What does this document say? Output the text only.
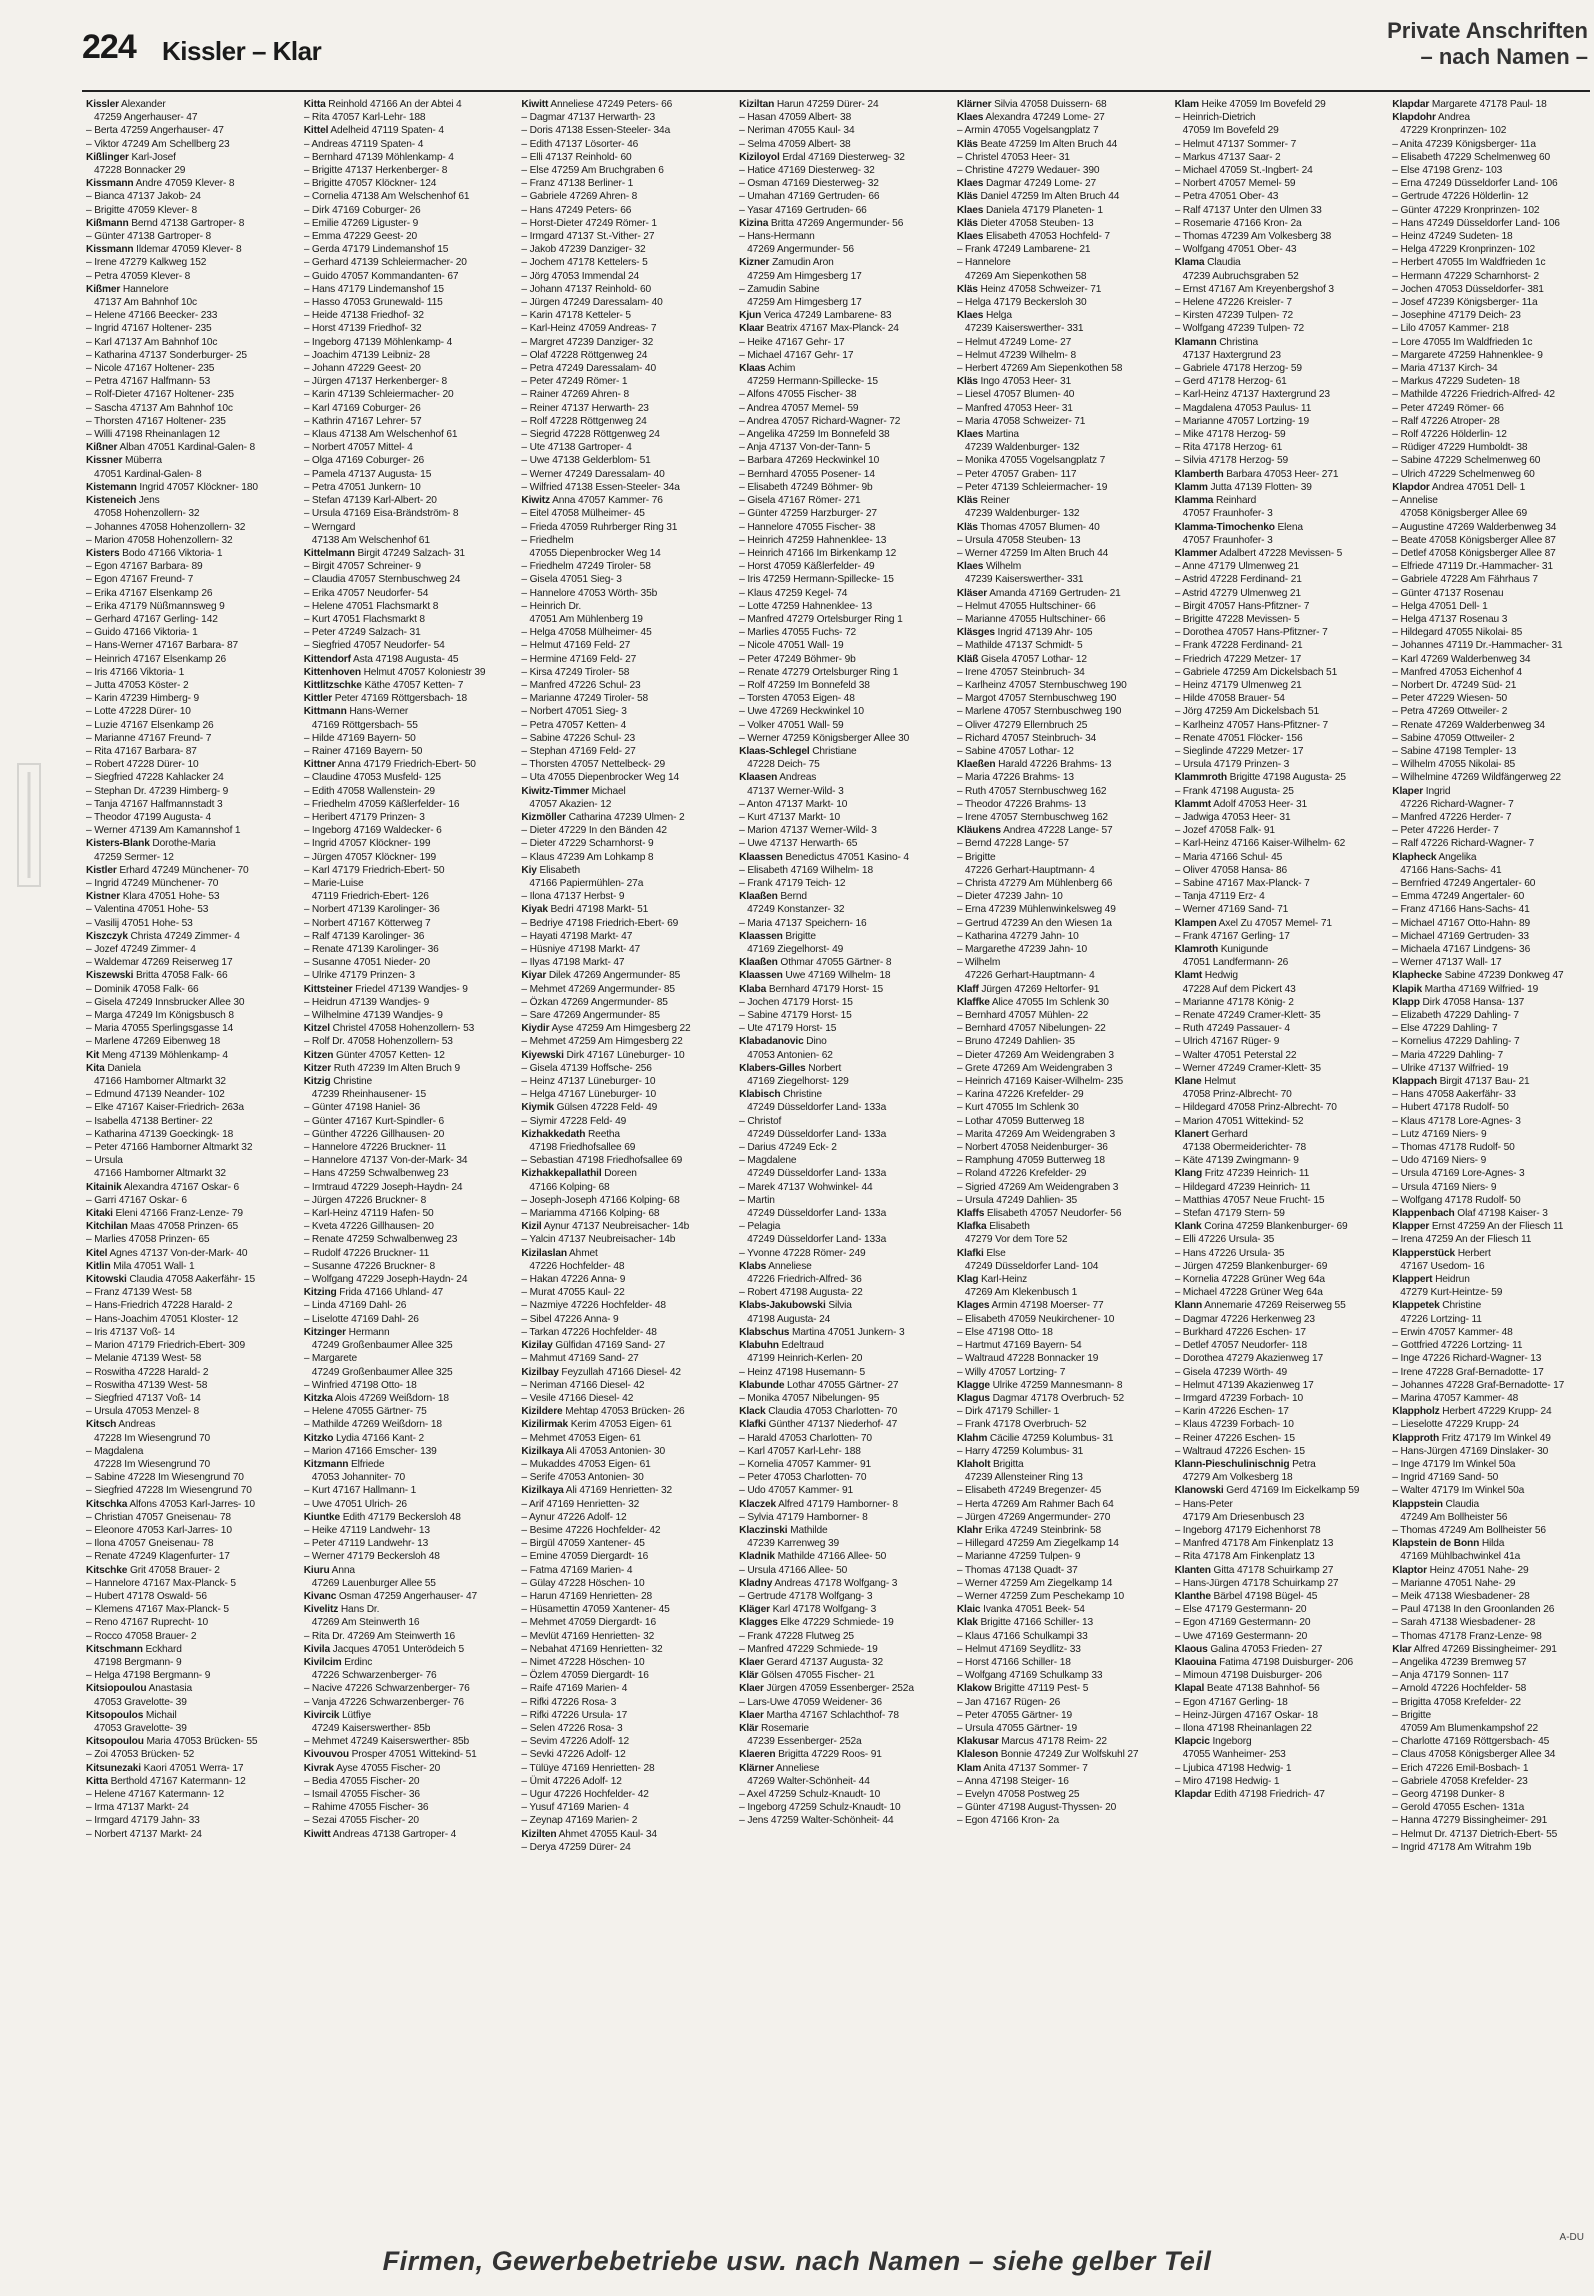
224 Kissler – Klar
Private Anschriften
– nach Namen –
Kissler Alexander
47259 Angerhauser- 47
– Berta 47259 Angerhauser- 47
– Viktor 47249 Am Schellberg 23
Kißlinger Karl-Josef
47228 Bonnacker 29
Kissmann Andre 47059 Klever- 8
– Bianca 47137 Jakob- 24
– Brigitte 47059 Klever- 8
Kißmann Bernd 47138 Gartroper- 8
– Günter 47138 Gartroper- 8
Kissmann Ildemar 47059 Klever- 8
– Irene 47279 Kalkweg 152
– Petra 47059 Klever- 8
Kißmer Hannelore
47137 Am Bahnhof 10c
– Helene 47166 Beecker- 233
– Ingrid 47167 Holtener- 235
– Karl 47137 Am Bahnhof 10c
– Katharina 47137 Sonderburger- 25
– Nicole 47167 Holtener- 235
– Petra 47167 Halfmann- 53
– Rolf-Dieter 47167 Holtener- 235
– Sascha 47137 Am Bahnhof 10c
– Thorsten 47167 Holtener- 235
– Willi 47198 Rheinanlagen 12
Kißner Alban 47051 Kardinal-Galen- 8
Kissner Müberra
47051 Kardinal-Galen- 8
Kistemann Ingrid 47057 Klöckner- 180
Kisteneich Jens
47058 Hohenzollern- 32
– Johannes 47058 Hohenzollern- 32
– Marion 47058 Hohenzollern- 32
Kisters Bodo 47166 Viktoria- 1
– Egon 47167 Barbara- 89
– Egon 47167 Freund- 7
– Erika 47167 Elsenkamp 26
– Erika 47179 Nüßmannsweg 9
– Gerhard 47167 Gerling- 142
– Guido 47166 Viktoria- 1
– Hans-Werner 47167 Barbara- 87
– Heinrich 47167 Elsenkamp 26
– Iris 47166 Viktoria- 1
– Jutta 47053 Köster- 2
– Karin 47239 Himberg- 9
– Lotte 47228 Dürer- 10
– Luzie 47167 Elsenkamp 26
– Marianne 47167 Freund- 7
– Rita 47167 Barbara- 87
– Robert 47228 Dürer- 10
– Siegfried 47228 Kahlacker 24
– Stephan Dr. 47239 Himberg- 9
– Tanja 47167 Halfmannstadt 3
– Theodor 47199 Augusta- 4
– Werner 47139 Am Kamannshof 1
Kisters-Blank Dorothe-Maria
47259 Sermer- 12
Kistler Erhard 47249 Münchener- 70
– Ingrid 47249 Münchener- 70
Kistner Klara 47051 Hohe- 53
– Valentina 47051 Hohe- 53
– Vasilij 47051 Hohe- 53
Kiszczyk Christa 47249 Zimmer- 4
– Jozef 47249 Zimmer- 4
– Waldemar 47269 Reiserweg 17
Kiszewski Britta 47058 Falk- 66
– Dominik 47058 Falk- 66
– Gisela 47249 Innsbrucker Allee 30
– Marga 47249 Im Königsbusch 8
– Maria 47055 Sperlingsgasse 14
– Marlene 47269 Eibenweg 18
Kit Meng 47139 Möhlenkamp- 4
Kita Daniela
47166 Hamborner Altmarkt 32
– Edmund 47139 Neander- 102
– Elke 47167 Kaiser-Friedrich- 263a
– Isabella 47138 Bertiner- 22
– Katharina 47139 Goeckingk- 18
– Peter 47166 Hamborner Altmarkt 32
– Ursula
47166 Hamborner Altmarkt 32
Kitainik Alexandra 47167 Oskar- 6
– Garri 47167 Oskar- 6
Kitaki Eleni 47166 Franz-Lenze- 79
Kitchilan Maas 47058 Prinzen- 65
– Marlies 47058 Prinzen- 65
Kitel Agnes 47137 Von-der-Mark- 40
Kitlin Mila 47051 Wall- 1
Kitowski Claudia 47058 Aakerfähr- 15
– Franz 47139 West- 58
– Hans-Friedrich 47228 Harald- 2
– Hans-Joachim 47051 Kloster- 12
– Iris 47137 Voß- 14
– Marion 47179 Friedrich-Ebert- 309
– Melanie 47139 West- 58
– Roswitha 47228 Harald- 2
– Roswitha 47139 West- 58
– Siegfried 47137 Voß- 14
– Ursula 47053 Menzel- 8
Kitsch Andreas
47228 Im Wiesengrund 70
– Magdalena
47228 Im Wiesengrund 70
– Sabine 47228 Im Wiesengrund 70
– Siegfried 47228 Im Wiesengrund 70
Kitschka Alfons 47053 Karl-Jarres- 10
– Christian 47057 Gneisenau- 78
– Eleonore 47053 Karl-Jarres- 10
– Ilona 47057 Gneisenau- 78
– Renate 47249 Klagenfurter- 17
Kitschke Grit 47058 Brauer- 2
– Hannelore 47167 Max-Planck- 5
– Hubert 47178 Oswald- 56
– Klemens 47167 Max-Planck- 5
– Reno 47167 Ruprecht- 10
– Rocco 47058 Brauer- 2
Kitschmann Eckhard
47198 Bergmann- 9
– Helga 47198 Bergmann- 9
Kitsiopoulou Anastasia
47053 Gravelotte- 39
Kitsopoulos Michail
47053 Gravelotte- 39
Kitsopoulou Maria 47053 Brücken- 55
– Zoi 47053 Brücken- 52
Kitsunezaki Kaori 47051 Werra- 17
Kitta Berthold 47167 Katermann- 12
– Helene 47167 Katermann- 12
– Irma 47137 Markt- 24
– Irmgard 47179 Jahn- 33
– Norbert 47137 Markt- 24
Kitta Reinhold 47166 An der Abtei 4
– Rita 47057 Karl-Lehr- 188
Kittel Adelheid 47119 Spaten- 4
– Andreas 47119 Spaten- 4
– Bernhard 47139 Möhlenkamp- 4
– Brigitte 47137 Herkenberger- 8
– Brigitte 47057 Klöckner- 124
– Cornelia 47138 Am Welschenhof 61
– Dirk 47169 Coburger- 26
– Emilie 47269 Liguster- 9
– Emma 47229 Geest- 20
– Gerda 47179 Lindemanshof 15
– Gerhard 47139 Schleiermacher- 20
– Guido 47057 Kommandanten- 67
– Hans 47179 Lindemanshof 15
– Hasso 47053 Grunewald- 115
– Heide 47138 Friedhof- 32
– Horst 47139 Friedhof- 32
– Ingeborg 47139 Möhlenkamp- 4
– Joachim 47139 Leibniz- 28
– Johann 47229 Geest- 20
– Jürgen 47137 Herkenberger- 8
– Karin 47139 Schleiermacher- 20
– Karl 47169 Coburger- 26
– Kathrin 47167 Lehrer- 57
– Klaus 47138 Am Welschenhof 61
– Norbert 47057 Mittel- 4
– Olga 47169 Coburger- 26
– Pamela 47137 Augusta- 15
– Petra 47051 Junkern- 10
– Stefan 47139 Karl-Albert- 20
– Ursula 47169 Eisa-Brändström- 8
– Werngard
47138 Am Welschenhof 61
Kittelmann Birgit 47249 Salzach- 31
– Birgit 47057 Schreiner- 9
– Claudia 47057 Sternbuschweg 24
– Erika 47057 Neudorfer- 54
– Helene 47051 Flachsmarkt 8
– Kurt 47051 Flachsmarkt 8
– Peter 47249 Salzach- 31
– Siegfried 47057 Neudorfer- 54
Kittendorf Asta 47198 Augusta- 45
Kittenhoven Helmut 47057 Koloniestr 39
Kittlitzschke Käthe 47057 Ketten- 7
Kittler Peter 47169 Röttgersbach- 18
Kittmann Hans-Werner
47169 Röttgersbach- 55
– Hilde 47169 Bayern- 50
– Rainer 47169 Bayern- 50
Kittner Anna 47179 Friedrich-Ebert- 50
– Claudine 47053 Musfeld- 125
– Edith 47058 Wallenstein- 29
– Friedhelm 47059 Käßlerfelder- 16
– Heribert 47179 Prinzen- 3
– Ingeborg 47169 Waldecker- 6
– Ingrid 47057 Klöckner- 199
– Jürgen 47057 Klöckner- 199
– Karl 47179 Friedrich-Ebert- 50
– Marie-Luise
47119 Friedrich-Ebert- 126
– Norbert 47139 Karolinger- 36
– Norbert 47167 Kötterweg 7
– Ralf 47139 Karolinger- 36
– Renate 47139 Karolinger- 36
– Susanne 47051 Nieder- 20
– Ulrike 47179 Prinzen- 3
Kittsteiner Friedel 47139 Wandjes- 9
– Heidrun 47139 Wandjes- 9
– Wilhelmine 47139 Wandjes- 9
Kitzel Christel 47058 Hohenzollern- 53
– Rolf Dr. 47058 Hohenzollern- 53
Kitzen Günter 47057 Ketten- 12
Kitzer Ruth 47239 Im Alten Bruch 9
Kitzig Christine
47239 Rheinhausener- 15
– Günter 47198 Haniel- 36
– Günter 47167 Kurt-Spindler- 6
– Günther 47226 Gillhausen- 20
– Hannelore 47226 Bruckner- 11
– Hannelore 47137 Von-der-Mark- 34
– Hans 47259 Schwalbenweg 23
– Irmtraud 47229 Joseph-Haydn- 24
– Jürgen 47226 Bruckner- 8
– Karl-Heinz 47119 Hafen- 50
– Kveta 47226 Gillhausen- 20
– Renate 47259 Schwalbenweg 23
– Rudolf 47226 Bruckner- 11
– Susanne 47226 Bruckner- 8
– Wolfgang 47229 Joseph-Haydn- 24
Kitzing Frida 47166 Uhland- 47
– Linda 47169 Dahl- 26
– Liselotte 47169 Dahl- 26
Kitzinger Hermann
47249 Großenbaumer Allee 325
– Margarete
47249 Großenbaumer Allee 325
– Winfried 47198 Otto- 18
Kitzka Alois 47269 Weißdorn- 18
– Helene 47055 Gärtner- 75
– Mathilde 47269 Weißdorn- 18
Kitzko Lydia 47166 Kant- 2
– Marion 47166 Emscher- 139
Kitzmann Elfriede
47053 Johanniter- 70
– Kurt 47167 Hallmann- 1
– Uwe 47051 Ulrich- 26
Kiuntke Edith 47179 Beckersloh 48
– Heike 47119 Landwehr- 13
– Peter 47119 Landwehr- 13
– Werner 47179 Beckersloh 48
Kiuru Anna
47269 Lauenburger Allee 55
Kivanc Osman 47259 Angerhauser- 47
Kivelitz Hans Dr.
47269 Am Steinwerth 16
– Rita Dr. 47269 Am Steinwerth 16
Kivila Jacques 47051 Unterödeich 5
Kivilcim Erdinc
47226 Schwarzenberger- 76
– Nacive 47226 Schwarzenberger- 76
– Vanja 47226 Schwarzenberger- 76
Kivircik Lütfiye
47249 Kaiserswerther- 85b
– Mehmet 47249 Kaiserswerther- 85b
Kivouvou Prosper 47051 Wittekind- 51
Kivrak Ayse 47055 Fischer- 20
– Bedia 47055 Fischer- 20
– Ismail 47055 Fischer- 36
– Rahime 47055 Fischer- 36
– Sezai 47055 Fischer- 20
Kiwitt Andreas 47138 Gartroper- 4
Kiwitt Anneliese 47249 Peters- 66
– Dagmar 47137 Herwarth- 23
– Doris 47138 Essen-Steeler- 34a
– Edith 47137 Lösorter- 46
– Elli 47137 Reinhold- 60
– Else 47259 Am Bruchgraben 6
– Franz 47138 Berliner- 1
– Gabriele 47269 Ahren- 8
– Hans 47249 Peters- 66
– Horst-Dieter 47249 Römer- 1
– Irmgard 47137 St.-Vither- 27
– Jakob 47239 Danziger- 32
– Jochem 47178 Kettelers- 5
– Jörg 47053 Immendal 24
– Johann 47137 Reinhold- 60
– Jürgen 47249 Daressalam- 40
– Karin 47178 Ketteler- 5
– Karl-Heinz 47059 Andreas- 7
– Margret 47239 Danziger- 32
– Olaf 47228 Röttgenweg 24
– Petra 47249 Daressalam- 40
– Peter 47249 Römer- 1
– Rainer 47269 Ahren- 8
– Reiner 47137 Herwarth- 23
– Rolf 47228 Röttgenweg 24
– Siegrid 47228 Röttgenweg 24
– Ute 47138 Gartroper- 4
– Uwe 47138 Gelderblom- 51
– Werner 47249 Daressalam- 40
– Wilfried 47138 Essen-Steeler- 34a
Kiwitz Anna 47057 Kammer- 76
– Eitel 47058 Mülheimer- 45
– Frieda 47059 Ruhrberger Ring 31
– Friedhelm
47055 Diepenbrocker Weg 14
– Friedhelm 47249 Tiroler- 58
– Gisela 47051 Sieg- 3
– Hannelore 47053 Wörth- 35b
– Heinrich Dr.
47051 Am Mühlenberg 19
– Helga 47058 Mülheimer- 45
– Helmut 47169 Feld- 27
– Hermine 47169 Feld- 27
– Kirsa 47249 Tiroler- 58
– Manfred 47226 Schul- 23
– Marianne 47249 Tiroler- 58
– Norbert 47051 Sieg- 3
– Petra 47057 Ketten- 4
– Sabine 47226 Schul- 23
– Stephan 47169 Feld- 27
– Thorsten 47057 Nettelbeck- 29
– Uta 47055 Diepenbrocker Weg 14
Kiwitz-Timmer Michael
47057 Akazien- 12
Kizmöller Catharina 47239 Ulmen- 2
– Dieter 47229 In den Bänden 42
– Dieter 47229 Scharnhorst- 9
– Klaus 47239 Am Lohkamp 8
Kiy Elisabeth
47166 Papiermühlen- 27a
– Ilona 47137 Herbst- 9
Kiyak Bedri 47198 Markt- 51
– Bedriye 47198 Friedrich-Ebert- 69
– Hayati 47198 Markt- 47
– Hüsniye 47198 Markt- 47
– Ilyas 47198 Markt- 47
Kiyar Dilek 47269 Angermunder- 85
– Mehmet 47269 Angermunder- 85
– Özkan 47269 Angermunder- 85
– Sare 47269 Angermunder- 85
Kiydir Ayse 47259 Am Himgesberg 22
– Mehmet 47259 Am Himgesberg 22
Kiyewski Dirk 47167 Lüneburger- 10
– Gisela 47139 Hoffsche- 256
– Heinz 47137 Lüneburger- 10
– Helga 47167 Lüneburger- 10
Kiymik Gülsen 47228 Feld- 49
– Siymir 47228 Feld- 49
Kizhakkedath Reetha
47198 Friedhofsallee 69
– Sebastian 47198 Friedhofsallee 69
Kizhakkepallathil Doreen
47166 Kolping- 68
– Joseph-Joseph 47166 Kolping- 68
– Mariamma 47166 Kolping- 68
Kizil Aynur 47137 Neubreisacher- 14b
– Yalcin 47137 Neubreisacher- 14b
Kizilaslan Ahmet
47226 Hochfelder- 48
– Hakan 47226 Anna- 9
– Murat 47055 Kaul- 22
– Nazmiye 47226 Hochfelder- 48
– Sibel 47226 Anna- 9
– Tarkan 47226 Hochfelder- 48
Kizilay Gülfidan 47169 Sand- 27
– Mahmut 47169 Sand- 27
Kizilbay Feyzullah 47166 Diesel- 42
– Neriman 47166 Diesel- 42
– Vesile 47166 Diesel- 42
Kizildere Mehtap 47053 Brücken- 26
Kizilirmak Kerim 47053 Eigen- 61
– Mehmet 47053 Eigen- 61
Kizilkaya Ali 47053 Antonien- 30
– Mukaddes 47053 Eigen- 61
– Serife 47053 Antonien- 30
Kizilkaya Ali 47169 Henrietten- 32
– Arif 47169 Henrietten- 32
– Aynur 47226 Adolf- 12
– Besime 47226 Hochfelder- 42
– Birgül 47059 Xantener- 45
– Emine 47059 Diergardt- 16
– Fatma 47169 Marien- 4
– Gülay 47228 Höschen- 10
– Harun 47169 Henrietten- 28
– Hüsamettin 47059 Xantener- 45
– Mehmet 47059 Diergardt- 16
– Mevlüt 47169 Henrietten- 32
– Nebahat 47169 Henrietten- 32
– Nimet 47228 Höschen- 10
– Özlem 47059 Diergardt- 16
– Raife 47169 Marien- 4
– Rifki 47226 Rosa- 3
– Rifki 47226 Ursula- 17
– Selen 47226 Rosa- 3
– Sevim 47226 Adolf- 12
– Sevki 47226 Adolf- 12
– Tülüye 47169 Henrietten- 28
– Ümit 47226 Adolf- 12
– Ugur 47226 Hochfelder- 42
– Yusuf 47169 Marien- 4
– Zeynap 47169 Marien- 2
Kizilten Ahmet 47055 Kaul- 34
– Derya 47259 Dürer- 24
Kiziltan Harun 47259 Dürer- 24
– Hasan 47059 Albert- 38
– Neriman 47055 Kaul- 34
– Selma 47059 Albert- 38
Kiziloyol Erdal 47169 Diesterweg- 32
– Hatice 47169 Diesterweg- 32
– Osman 47169 Diesterweg- 32
– Umahan 47169 Gertruden- 66
– Yasar 47169 Gertruden- 66
Kizina Britta 47269 Angermunder- 56
– Hans-Hermann
47269 Angermunder- 56
Kizner Zamudin Aron
47259 Am Himgesberg 17
– Zamudin Sabine
47259 Am Himgesberg 17
Kjun Verica 47249 Lambarene- 83
Klaar Beatrix 47167 Max-Planck- 24
– Heike 47167 Gehr- 17
– Michael 47167 Gehr- 17
Klaas Achim
47259 Hermann-Spillecke- 15
– Alfons 47055 Fischer- 38
– Andrea 47057 Memel- 59
– Andrea 47057 Richard-Wagner- 72
– Angelika 47259 Im Bonnefeld 38
– Anja 47137 Von-der-Tann- 5
– Barbara 47269 Heckwinkel 10
– Bernhard 47055 Posener- 14
– Elisabeth 47249 Böhmer- 9b
– Gisela 47167 Römer- 271
– Günter 47259 Harzburger- 27
– Hannelore 47055 Fischer- 38
– Heinrich 47259 Hahnenklee- 13
– Heinrich 47166 Im Birkenkamp 12
– Horst 47059 Käßlerfelder- 49
– Iris 47259 Hermann-Spillecke- 15
– Klaus 47259 Kegel- 74
– Lotte 47259 Hahnenklee- 13
– Manfred 47279 Ortelsburger Ring 1
– Marlies 47055 Fuchs- 72
– Nicole 47051 Wall- 19
– Peter 47249 Böhmer- 9b
– Renate 47279 Ortelsburger Ring 1
– Rolf 47259 Im Bonnefeld 38
– Torsten 47053 Eigen- 48
– Uwe 47269 Heckwinkel 10
– Volker 47051 Wall- 59
– Werner 47259 Königsberger Allee 30
Klaas-Schlegel Christiane
47228 Deich- 75
Klaasen Andreas
47137 Werner-Wild- 3
– Anton 47137 Markt- 10
– Kurt 47137 Markt- 10
– Marion 47137 Werner-Wild- 3
– Uwe 47137 Herwarth- 65
Klaassen Benedictus 47051 Kasino- 4
– Elisabeth 47169 Wilhelm- 18
– Frank 47179 Teich- 12
Klaaßen Bernd
47249 Konstanzer- 32
– Maria 47137 Speichern- 16
Klaassen Brigitte
47169 Ziegelhorst- 49
Klaaßen Othmar 47055 Gärtner- 8
Klaassen Uwe 47169 Wilhelm- 18
Klaba Bernhard 47179 Horst- 15
– Jochen 47179 Horst- 15
– Sabine 47179 Horst- 15
– Ute 47179 Horst- 15
Klabadanovic Dino
47053 Antonien- 62
Klabers-Gilles Norbert
47169 Ziegelhorst- 129
Klabisch Christine
47249 Düsseldorfer Land- 133a
– Christof
47249 Düsseldorfer Land- 133a
– Darius 47249 Eck- 2
– Magdalene
47249 Düsseldorfer Land- 133a
– Marek 47137 Wohwinkel- 44
– Martin
47249 Düsseldorfer Land- 133a
– Pelagia
47249 Düsseldorfer Land- 133a
– Yvonne 47228 Römer- 249
Klabs Anneliese
47226 Friedrich-Alfred- 36
– Robert 47198 Augusta- 22
Klabs-Jakubowski Silvia
47198 Augusta- 24
Klabschus Martina 47051 Junkern- 3
Klabuhn Edeltraud
47199 Heinrich-Kerlen- 20
– Heinz 47198 Husemann- 5
Klabunde Lothar 47055 Gärtner- 27
– Monika 47057 Nibelungen- 95
Klack Claudia 47053 Charlotten- 70
Klafki Günther 47137 Niederhof- 47
– Harald 47053 Charlotten- 70
– Karl 47057 Karl-Lehr- 188
– Kornelia 47057 Kammer- 91
– Peter 47053 Charlotten- 70
– Udo 47057 Kammer- 91
Klaczek Alfred 47179 Hamborner- 8
– Sylvia 47179 Hamborner- 8
Klaczinski Mathilde
47239 Karrenweg 39
Kladnik Mathilde 47166 Allee- 50
– Ursula 47166 Allee- 50
Kladny Andreas 47178 Wolfgang- 3
– Gertrude 47178 Wolfgang- 3
Kläger Karl 47178 Wolfgang- 3
Klagges Elke 47229 Schmiede- 19
– Frank 47228 Flutweg 25
– Manfred 47229 Schmiede- 19
Klaer Gerard 47137 Augusta- 32
Klär Gölsen 47055 Fischer- 21
Klaer Jürgen 47059 Essenberger- 252a
– Lars-Uwe 47059 Weidener- 36
Klaer Martha 47167 Schlachthof- 78
Klär Rosemarie
47239 Essenberger- 252a
Klaeren Brigitta 47229 Roos- 91
Klärner Anneliese
47269 Walter-Schönheit- 44
– Axel 47259 Schulz-Knaudt- 10
– Ingeborg 47259 Schulz-Knaudt- 10
– Jens 47259 Walter-Schönheit- 44
Klärner Silvia 47058 Duissern- 68
Klaes Alexandra 47249 Lome- 27
– Armin 47055 Vogelsangplatz 7
Kläs Beate 47259 Im Alten Bruch 44
– Christel 47053 Heer- 31
– Christine 47279 Wedauer- 390
Klaes Dagmar 47249 Lome- 27
Kläs Daniel 47259 Im Alten Bruch 44
Klaes Daniela 47179 Planeten- 1
Kläs Dieter 47058 Steuben- 13
Klaes Elisabeth 47053 Hochfeld- 7
– Frank 47249 Lambarene- 21
– Hannelore
47269 Am Siepenkothen 58
Kläs Heinz 47058 Schweizer- 71
– Helga 47179 Beckersloh 30
Klaes Helga
47239 Kaiserswerther- 331
– Helmut 47249 Lome- 27
– Helmut 47239 Wilhelm- 8
– Herbert 47269 Am Siepenkothen 58
Kläs Ingo 47053 Heer- 31
– Liesel 47057 Blumen- 40
– Manfred 47053 Heer- 31
– Maria 47058 Schweizer- 71
Klaes Martina
47239 Waldenburger- 132
– Monika 47055 Vogelsangplatz 7
– Peter 47057 Graben- 117
– Peter 47139 Schleiermacher- 19
Kläs Reiner
47239 Waldenburger- 132
Kläs Thomas 47057 Blumen- 40
– Ursula 47058 Steuben- 13
– Werner 47259 Im Alten Bruch 44
Klaes Wilhelm
47239 Kaiserswerther- 331
Kläser Amanda 47169 Gertruden- 21
– Helmut 47055 Hultschiner- 66
– Marianne 47055 Hultschiner- 66
Kläsges Ingrid 47139 Ahr- 105
– Mathilde 47137 Schmidt- 5
Kläß Gisela 47057 Lothar- 12
– Irene 47057 Steinbruch- 34
– Karlheinz 47057 Sternbuschweg 190
– Margot 47057 Sternbuschweg 190
– Marlene 47057 Sternbuschweg 190
– Oliver 47279 Ellernbruch 25
– Richard 47057 Steinbruch- 34
– Sabine 47057 Lothar- 12
Klaeßen Harald 47226 Brahms- 13
– Maria 47226 Brahms- 13
– Ruth 47057 Sternbuschweg 162
– Theodor 47226 Brahms- 13
– Irene 47057 Sternbuschweg 162
Kläukens Andrea 47228 Lange- 57
– Bernd 47228 Lange- 57
– Brigitte
47226 Gerhart-Hauptmann- 4
– Christa 47279 Am Mühlenberg 66
– Dieter 47239 Jahn- 10
– Erna 47239 Mühlenwinkelsweg 49
– Gertrud 47239 An den Wiesen 1a
– Katharina 47279 Jahn- 10
– Margarethe 47239 Jahn- 10
– Wilhelm
47226 Gerhart-Hauptmann- 4
Klaff Jürgen 47269 Heltorfer- 91
Klaffke Alice 47055 Im Schlenk 30
– Bernhard 47057 Mühlen- 22
– Bernhard 47057 Nibelungen- 22
– Bruno 47249 Dahlien- 35
– Dieter 47269 Am Weidengraben 3
– Grete 47269 Am Weidengraben 3
– Heinrich 47169 Kaiser-Wilhelm- 235
– Karina 47226 Krefelder- 29
– Kurt 47055 Im Schlenk 30
– Lothar 47059 Butterweg 18
– Marita 47269 Am Weidengraben 3
– Norbert 47058 Neidenburger- 36
– Ramphung 47059 Butterweg 18
– Roland 47226 Krefelder- 29
– Sigried 47269 Am Weidengraben 3
– Ursula 47249 Dahlien- 35
Klaffs Elisabeth 47057 Neudorfer- 56
Klafka Elisabeth
47279 Vor dem Tore 52
Klafki Else
47249 Düsseldorfer Land- 104
Klag Karl-Heinz
47269 Am Klekenbusch 1
Klages Armin 47198 Moerser- 77
– Elisabeth 47059 Neukirchener- 10
– Else 47198 Otto- 18
– Hartmut 47169 Bayern- 54
– Waltraud 47228 Bonnacker 19
– Willy 47057 Lortzing- 7
Klagge Ulrike 47259 Mannesmann- 8
Klagus Dagmar 47178 Overbruch- 52
– Dirk 47179 Schiller- 1
– Frank 47178 Overbruch- 52
Klahm Cäcilie 47259 Kolumbus- 31
– Harry 47259 Kolumbus- 31
Klaholt Brigitta
47239 Allensteiner Ring 13
– Elisabeth 47249 Bregenzer- 45
– Herta 47269 Am Rahmer Bach 64
– Jürgen 47269 Angermunder- 270
Klahr Erika 47249 Steinbrink- 58
– Hillegard 47259 Am Ziegelkamp 14
– Marianne 47259 Tulpen- 9
– Thomas 47138 Quadt- 37
– Werner 47259 Am Ziegelkamp 14
– Werner 47259 Zum Peschekamp 10
Klaic Ivanka 47051 Beek- 54
Klak Brigitte 47166 Schiller- 13
– Klaus 47166 Schulkampi 33
– Helmut 47169 Seydlitz- 33
– Horst 47166 Schiller- 18
– Wolfgang 47169 Schulkamp 33
Klakow Brigitte 47119 Pest- 5
– Jan 47167 Rügen- 26
– Peter 47055 Gärtner- 19
– Ursula 47055 Gärtner- 19
Klakusar Marcus 47178 Reim- 22
Klaleson Bonnie 47249 Zur Wolfskuhl 27
Klam Anita 47137 Sommer- 7
– Anna 47198 Steiger- 16
– Evelyn 47058 Postweg 25
– Günter 47198 August-Thyssen- 20
– Egon 47166 Kron- 2a
Klam Heike 47059 Im Bovefeld 29
– Heinrich-Dietrich
47059 Im Bovefeld 29
– Helmut 47137 Sommer- 7
– Markus 47137 Saar- 2
– Michael 47059 St.-Ingbert- 24
– Norbert 47057 Memel- 59
– Petra 47051 Ober- 43
– Ralf 47137 Unter den Ulmen 33
– Rosemarie 47166 Kron- 2a
– Thomas 47239 Am Volkesberg 38
– Wolfgang 47051 Ober- 43
Klama Claudia
47239 Aubruchsgraben 52
– Ernst 47167 Am Kreyenbergshof 3
– Helene 47226 Kreisler- 7
– Kirsten 47239 Tulpen- 72
– Wolfgang 47239 Tulpen- 72
Klamann Christina
47137 Haxtergrund 23
– Gabriele 47178 Herzog- 59
– Gerd 47178 Herzog- 61
– Karl-Heinz 47137 Haxtergrund 23
– Magdalena 47053 Paulus- 11
– Marianne 47057 Lortzing- 19
– Mike 47178 Herzog- 59
– Rita 47178 Herzog- 61
– Silvia 47178 Herzog- 59
Klamberth Barbara 47053 Heer- 271
Klamm Jutta 47139 Flotten- 39
Klamma Reinhard
47057 Fraunhofer- 3
Klamma-Timochenko Elena
47057 Fraunhofer- 3
Klammer Adalbert 47228 Mevissen- 5
– Anne 47179 Ulmenweg 21
– Astrid 47228 Ferdinand- 21
– Astrid 47279 Ulmenweg 21
– Birgit 47057 Hans-Pfitzner- 7
– Brigitte 47228 Mevissen- 5
– Dorothea 47057 Hans-Pfitzner- 7
– Frank 47228 Ferdinand- 21
– Friedrich 47229 Metzer- 17
– Gabriele 47259 Am Dickelsbach 51
– Heinz 47179 Ulmenweg 21
– Hilde 47058 Brauer- 54
– Jörg 47259 Am Dickelsbach 51
– Karlheinz 47057 Hans-Pfitzner- 7
– Renate 47051 Flöcker- 156
– Sieglinde 47229 Metzer- 17
– Ursula 47179 Prinzen- 3
Klammroth Brigitte 47198 Augusta- 25
– Frank 47198 Augusta- 25
Klammt Adolf 47053 Heer- 31
– Jadwiga 47053 Heer- 31
– Jozef 47058 Falk- 91
– Karl-Heinz 47166 Kaiser-Wilhelm- 62
– Maria 47166 Schul- 45
– Oliver 47058 Hansa- 86
– Sabine 47167 Max-Planck- 7
– Tanja 47119 Erz- 4
– Werner 47169 Sand- 71
Klampen Axel Zu 47057 Memel- 71
– Frank 47167 Gerling- 17
Klamroth Kunigunde
47051 Landfermann- 26
Klamt Hedwig
47228 Auf dem Pickert 43
– Marianne 47178 König- 2
– Renate 47249 Cramer-Klett- 35
– Ruth 47249 Passauer- 4
– Ulrich 47167 Rüger- 9
– Walter 47051 Peterstal 22
– Werner 47249 Cramer-Klett- 35
Klane Helmut
47058 Prinz-Albrecht- 70
– Hildegard 47058 Prinz-Albrecht- 70
– Marion 47051 Wittekind- 52
Klanert Gerhard
47138 Obermeiderichter- 78
– Käte 47139 Zwingmann- 9
Klang Fritz 47239 Heinrich- 11
– Hildegard 47239 Heinrich- 11
– Matthias 47057 Neue Frucht- 15
– Stefan 47179 Stern- 59
Klank Corina 47259 Blankenburger- 69
– Elli 47226 Ursula- 35
– Hans 47226 Ursula- 35
– Jürgen 47259 Blankenburger- 69
– Kornelia 47228 Grüner Weg 64a
– Michael 47228 Grüner Weg 64a
Klann Annemarie 47269 Reiserweg 55
– Dagmar 47226 Herkenweg 23
– Burkhard 47226 Eschen- 17
– Detlef 47057 Neudorfer- 118
– Dorothea 47279 Akazienweg 17
– Gisela 47239 Wörth- 49
– Helmut 47139 Akazienweg 17
– Irmgard 47239 Forbach- 10
– Karin 47226 Eschen- 17
– Klaus 47239 Forbach- 10
– Reiner 47226 Eschen- 15
– Waltraud 47226 Eschen- 15
Klann-Pieschulinischnig Petra
47279 Am Volkesberg 18
Klanowski Gerd 47169 Im Eickelkamp 59
– Hans-Peter
47179 Am Driesenbusch 23
– Ingeborg 47179 Eichenhorst 78
– Manfred 47178 Am Finkenplatz 13
– Rita 47178 Am Finkenplatz 13
Klanten Gitta 47178 Schuirkamp 27
– Hans-Jürgen 47178 Schuirkamp 27
Klanthe Bärbel 47198 Bügel- 45
– Else 47179 Gestermann- 20
– Egon 47169 Gestermann- 20
– Uwe 47169 Gestermann- 20
Klaous Galina 47053 Frieden- 27
Klaouina Fatima 47198 Duisburger- 206
– Mimoun 47198 Duisburger- 206
Klapal Beate 47138 Bahnhof- 56
– Egon 47167 Gerling- 18
– Heinz-Jürgen 47167 Oskar- 18
– Ilona 47198 Rheinanlagen 22
Klapcic Ingeborg
47055 Wanheimer- 253
– Ljubica 47198 Hedwig- 1
– Miro 47198 Hedwig- 1
Klapdar Edith 47198 Friedrich- 47
Klapdar Margarete 47178 Paul- 18
Klapdohr Andrea
47229 Kronprinzen- 102
– Anita 47239 Königsberger- 11a
– Elisabeth 47229 Schelmenweg 60
– Else 47198 Grenz- 103
– Erna 47249 Düsseldorfer Land- 106
– Gertrude 47226 Hölderlin- 12
– Günter 47229 Kronprinzen- 102
– Hans 47249 Düsseldorfer Land- 106
– Heinz 47249 Sudeten- 18
– Helga 47229 Kronprinzen- 102
– Herbert 47055 Im Waldfrieden 1c
– Hermann 47229 Scharnhorst- 2
– Jochen 47053 Düsseldorfer- 381
– Josef 47239 Königsberger- 11a
– Josephine 47179 Deich- 23
– Lilo 47057 Kammer- 218
– Lore 47055 Im Waldfrieden 1c
– Margarete 47259 Hahnenklee- 9
– Maria 47137 Kirch- 34
– Markus 47229 Sudeten- 18
– Mathilde 47226 Friedrich-Alfred- 42
– Peter 47249 Römer- 66
– Ralf 47226 Atroper- 28
– Rolf 47226 Hölderlin- 12
– Rüdiger 47229 Humboldt- 38
– Sabine 47229 Schelmenweg 60
– Ulrich 47229 Schelmenweg 60
Klapdor Andrea 47051 Dell- 1
– Annelise
47058 Königsberger Allee 69
– Augustine 47269 Walderbenweg 34
– Beate 47058 Königsberger Allee 87
– Detlef 47058 Königsberger Allee 87
– Elfriede 47119 Dr.-Hammacher- 31
– Gabriele 47228 Am Fährhaus 7
– Günter 47137 Rosenau
– Helga 47051 Dell- 1
– Helga 47137 Rosenau 3
– Hildegard 47055 Nikolai- 85
– Johannes 47119 Dr.-Hammacher- 31
– Karl 47269 Walderbenweg 34
– Manfred 47053 Eichenhof 4
– Norbert Dr. 47249 Süd- 21
– Peter 47229 Wiesen- 50
– Petra 47269 Ottweiler- 2
– Renate 47269 Walderbenweg 34
– Sabine 47059 Ottweiler- 2
– Sabine 47198 Templer- 13
– Wilhelm 47055 Nikolai- 85
– Wilhelmine 47269 Wildfängerweg 22
Klaper Ingrid
47226 Richard-Wagner- 7
– Manfred 47226 Herder- 7
– Peter 47226 Herder- 7
– Ralf 47226 Richard-Wagner- 7
Klapheck Angelika
47166 Hans-Sachs- 41
– Bernfried 47249 Angertaler- 60
– Emma 47249 Angertaler- 60
– Franz 47166 Hans-Sachs- 41
– Michael 47167 Otto-Hahn- 89
– Michael 47169 Gertruden- 33
– Michaela 47167 Lindgens- 36
– Werner 47137 Wall- 17
Klaphecke Sabine 47239 Donkweg 47
Klapik Martha 47169 Wilfried- 19
Klapp Dirk 47058 Hansa- 137
– Elizabeth 47229 Dahling- 7
– Else 47229 Dahling- 7
– Kornelius 47229 Dahling- 7
– Maria 47229 Dahling- 7
– Ulrike 47137 Wilfried- 19
Klappach Birgit 47137 Bau- 21
– Hans 47058 Aakerfähr- 33
– Hubert 47178 Rudolf- 50
– Klaus 47178 Lore-Agnes- 3
– Lutz 47169 Niers- 9
– Thomas 47178 Rudolf- 50
– Udo 47169 Niers- 9
– Ursula 47169 Lore-Agnes- 3
– Ursula 47169 Niers- 9
– Wolfgang 47178 Rudolf- 50
Klappenbach Olaf 47198 Kaiser- 3
Klapper Ernst 47259 An der Fliesch 11
– Irena 47259 An der Fliesch 11
Klapperstück Herbert
47167 Usedom- 16
Klappert Heidrun
47279 Kurt-Heintze- 59
Klappetek Christine
47226 Lortzing- 11
– Erwin 47057 Kammer- 48
– Gottfried 47226 Lortzing- 11
– Inge 47226 Richard-Wagner- 13
– Irene 47228 Graf-Bernadotte- 17
– Johannes 47228 Graf-Bernadotte- 17
– Marina 47057 Kammer- 48
Klappholz Herbert 47229 Krupp- 24
– Lieselotte 47229 Krupp- 24
Klapproth Fritz 47179 Im Winkel 49
– Hans-Jürgen 47169 Dinslaker- 30
– Inge 47179 Im Winkel 50a
– Ingrid 47169 Sand- 50
– Walter 47179 Im Winkel 50a
Klappstein Claudia
47249 Am Bollheister 56
– Thomas 47249 Am Bollheister 56
Klapstein de Bonn Hilda
47169 Mühlbachwinkel 41a
Klaptor Heinz 47051 Nahe- 29
– Marianne 47051 Nahe- 29
– Meik 47138 Wiesbadener- 28
– Paul 47138 In den Groonlanden 26
– Sarah 47138 Wiesbadener- 28
– Thomas 47178 Franz-Lenze- 98
Klar Alfred 47269 Bissingheimer- 291
– Angelika 47239 Bremweg 57
– Anja 47179 Sonnen- 117
– Arnold 47226 Hochfelder- 58
– Brigitta 47058 Krefelder- 22
– Brigitte
47059 Am Blumenkampshof 22
– Charlotte 47169 Röttgersbach- 45
– Claus 47058 Königsberger Allee 34
– Erich 47226 Emil-Bosbach- 1
– Gabriele 47058 Krefelder- 23
– Georg 47198 Dunker- 8
– Gerold 47055 Eschen- 131a
– Hanna 47279 Bissingheimer- 291
– Helmut Dr. 47137 Dietrich-Ebert- 55
– Ingrid 47178 Am Witrahm 19b
Firmen, Gewerbebetriebe usw. nach Namen – siehe gelber Teil
A-DU
